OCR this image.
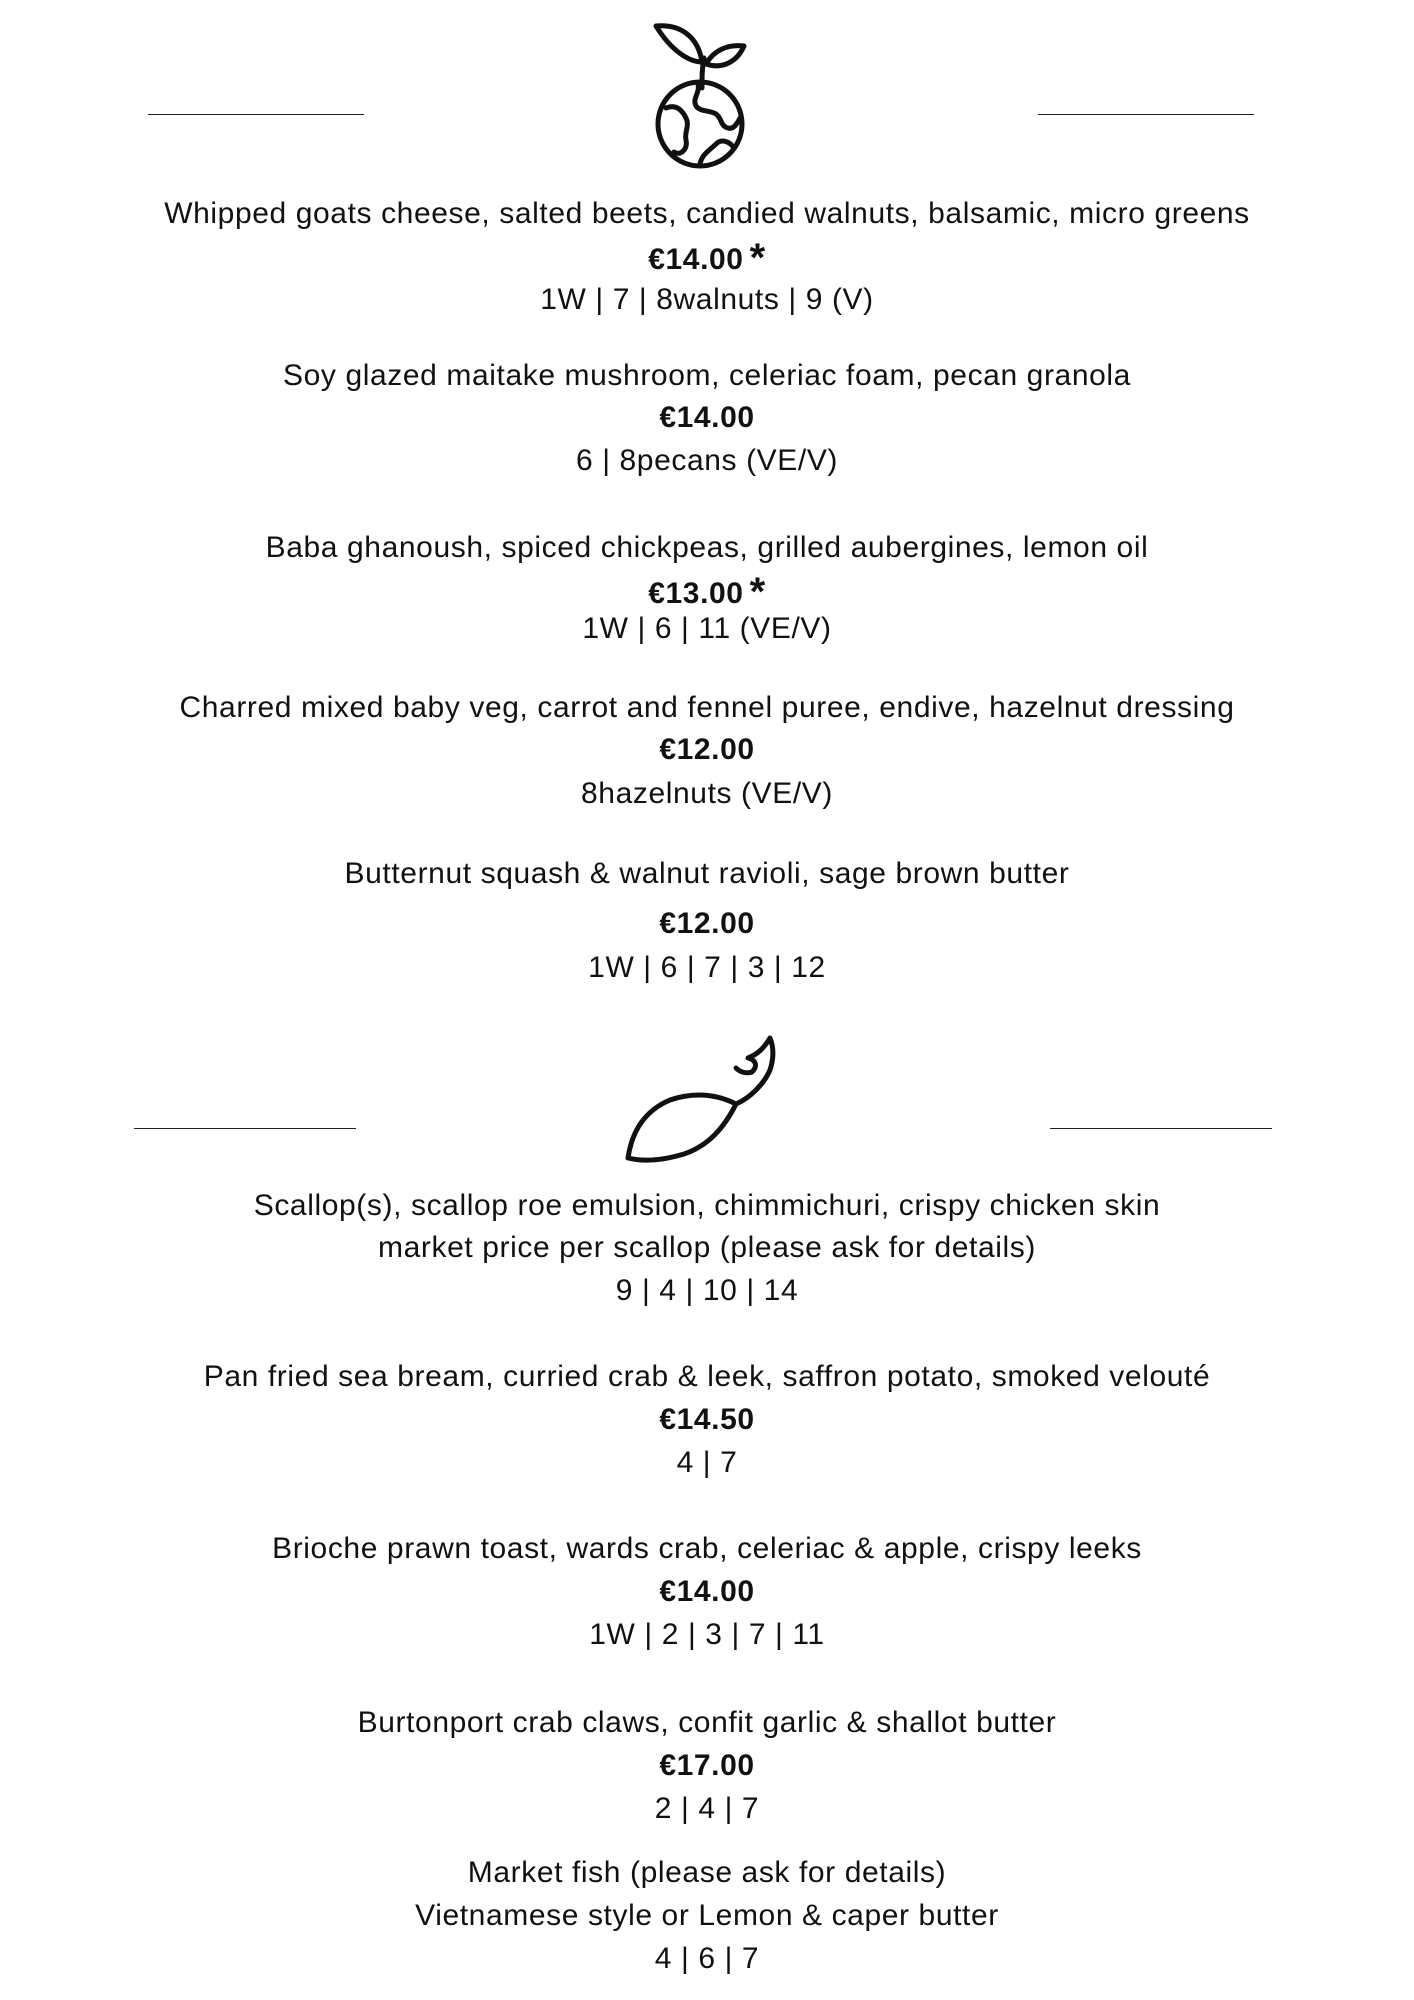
Whipped goats cheese, salted beets, candied walnuts, balsamic, micro greens
€14.00 *
1W | 7 | 8walnuts | 9 (V)
Soy glazed maitake mushroom, celeriac foam, pecan granola
€14.00
6 | 8pecans (VE/V)
Baba ghanoush, spiced chickpeas, grilled aubergines, lemon oil
€13.00 *
1W | 6 | 11 (VE/V)
Charred mixed baby veg, carrot and fennel puree, endive, hazelnut dressing
€12.00
8hazelnuts (VE/V)
Butternut squash & walnut ravioli, sage brown butter
€12.00
1W | 6 | 7 | 3 | 12
Scallop(s), scallop roe emulsion, chimmichuri, crispy chicken skin
market price per scallop (please ask for details)
9 | 4 | 10 | 14
Pan fried sea bream, curried crab & leek, saffron potato, smoked velouté
€14.50
4 | 7
Brioche prawn toast, wards crab, celeriac & apple, crispy leeks
€14.00
1W | 2 | 3 | 7 | 11
Burtonport crab claws, confit garlic & shallot butter
€17.00
2 | 4 | 7
Market fish (please ask for details)
Vietnamese style or Lemon & caper butter
4 | 6 | 7
